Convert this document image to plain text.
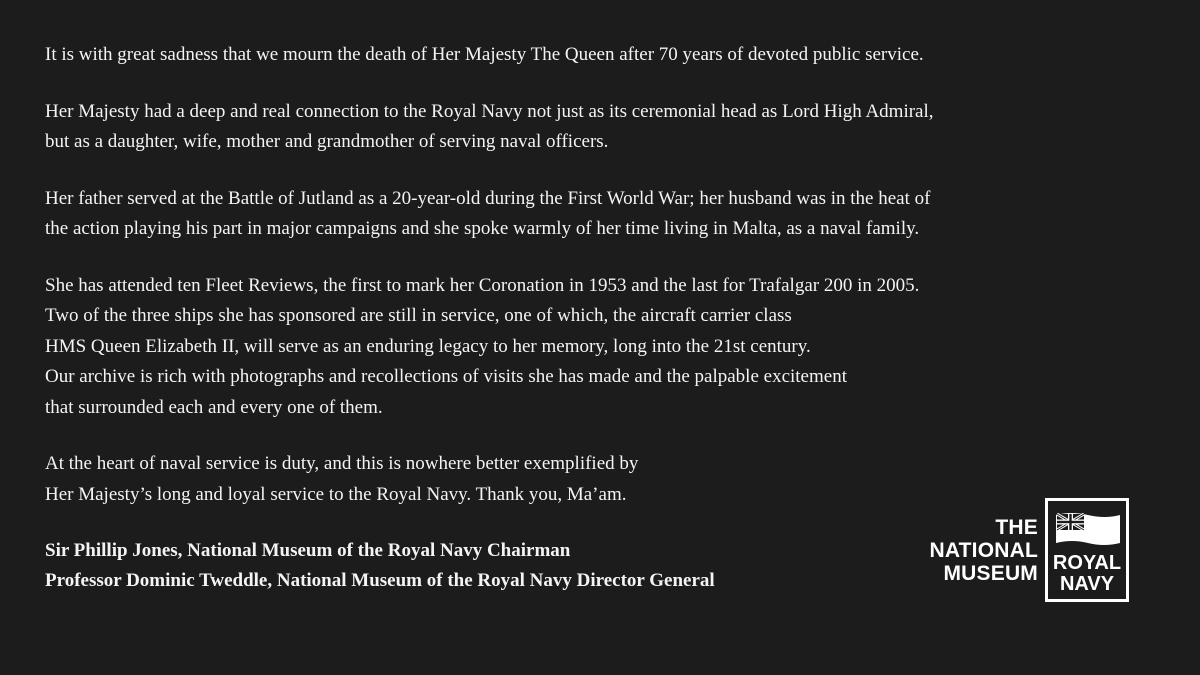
It is with great sadness that we mourn the death of Her Majesty The Queen after 70 years of devoted public service.

Her Majesty had a deep and real connection to the Royal Navy not just as its ceremonial head as Lord High Admiral,
but as a daughter, wife, mother and grandmother of serving naval officers.

Her father served at the Battle of Jutland as a 20-year-old during the First World War; her husband was in the heat of
the action playing his part in major campaigns and she spoke warmly of her time living in Malta, as a naval family.

She has attended ten Fleet Reviews, the first to mark her Coronation in 1953 and the last for Trafalgar 200 in 2005.
Two of the three ships she has sponsored are still in service, one of which, the aircraft carrier class
HMS Queen Elizabeth II, will serve as an enduring legacy to her memory, long into the 21st century.
Our archive is rich with photographs and recollections of visits she has made and the palpable excitement
that surrounded each and every one of them.

At the heart of naval service is duty, and this is nowhere better exemplified by
Her Majesty’s long and loyal service to the Royal Navy. Thank you, Ma’am.

Sir Phillip Jones, National Museum of the Royal Navy Chairman
Professor Dominic Tweddle, National Museum of the Royal Navy Director General
THE
NATIONAL
MUSEUM ROYAL
NAVY
